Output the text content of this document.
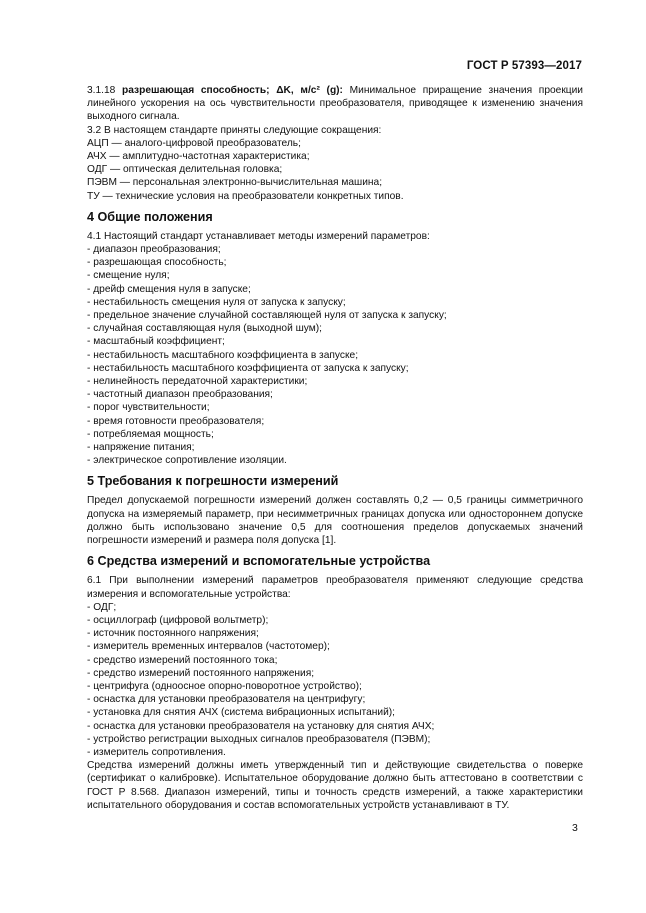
ГОСТ Р 57393—2017

3.1.18 разрешающая способность; ΔK, м/с² (g): Минимальное приращение значения проекции линейного ускорения на ось чувствительности преобразователя, приводящее к изменению значения выходного сигнала.

3.2 В настоящем стандарте приняты следующие сокращения:

АЦП — аналого-цифровой преобразователь;

АЧХ — амплитудно-частотная характеристика;

ОДГ — оптическая делительная головка;

ПЭВМ — персональная электронно-вычислительная машина;

ТУ — технические условия на преобразователи конкретных типов.

4 Общие положения

4.1 Настоящий стандарт устанавливает методы измерений параметров:

- диапазон преобразования;

- разрешающая способность;

- смещение нуля;

- дрейф смещения нуля в запуске;

- нестабильность смещения нуля от запуска к запуску;

- предельное значение случайной составляющей нуля от запуска к запуску;

- случайная составляющая нуля (выходной шум);

- масштабный коэффициент;

- нестабильность масштабного коэффициента в запуске;

- нестабильность масштабного коэффициента от запуска к запуску;

- нелинейность передаточной характеристики;

- частотный диапазон преобразования;

- порог чувствительности;

- время готовности преобразователя;

- потребляемая мощность;

- напряжение питания;

- электрическое сопротивление изоляции.

5 Требования к погрешности измерений

Предел допускаемой погрешности измерений должен составлять 0,2 — 0,5 границы симметричного допуска на измеряемый параметр, при несимметричных границах допуска или одностороннем допуске должно быть использовано значение 0,5 для соотношения пределов допускаемых значений погрешности измерений и размера поля допуска [1].

6 Средства измерений и вспомогательные устройства

6.1 При выполнении измерений параметров преобразователя применяют следующие средства измерения и вспомогательные устройства:

- ОДГ;

- осциллограф (цифровой вольтметр);

- источник постоянного напряжения;

- измеритель временных интервалов (частотомер);

- средство измерений постоянного тока;

- средство измерений постоянного напряжения;

- центрифуга (одноосное опорно-поворотное устройство);

- оснастка для установки преобразователя на центрифугу;

- установка для снятия АЧХ (система вибрационных испытаний);

- оснастка для установки преобразователя на установку для снятия АЧХ;

- устройство регистрации выходных сигналов преобразователя (ПЭВМ);

- измеритель сопротивления.

Средства измерений должны иметь утвержденный тип и действующие свидетельства о поверке (сертификат о калибровке). Испытательное оборудование должно быть аттестовано в соответствии с ГОСТ Р 8.568. Диапазон измерений, типы и точность средств измерений, а также характеристики испытательного оборудования и состав вспомогательных устройств устанавливают в ТУ.

3
